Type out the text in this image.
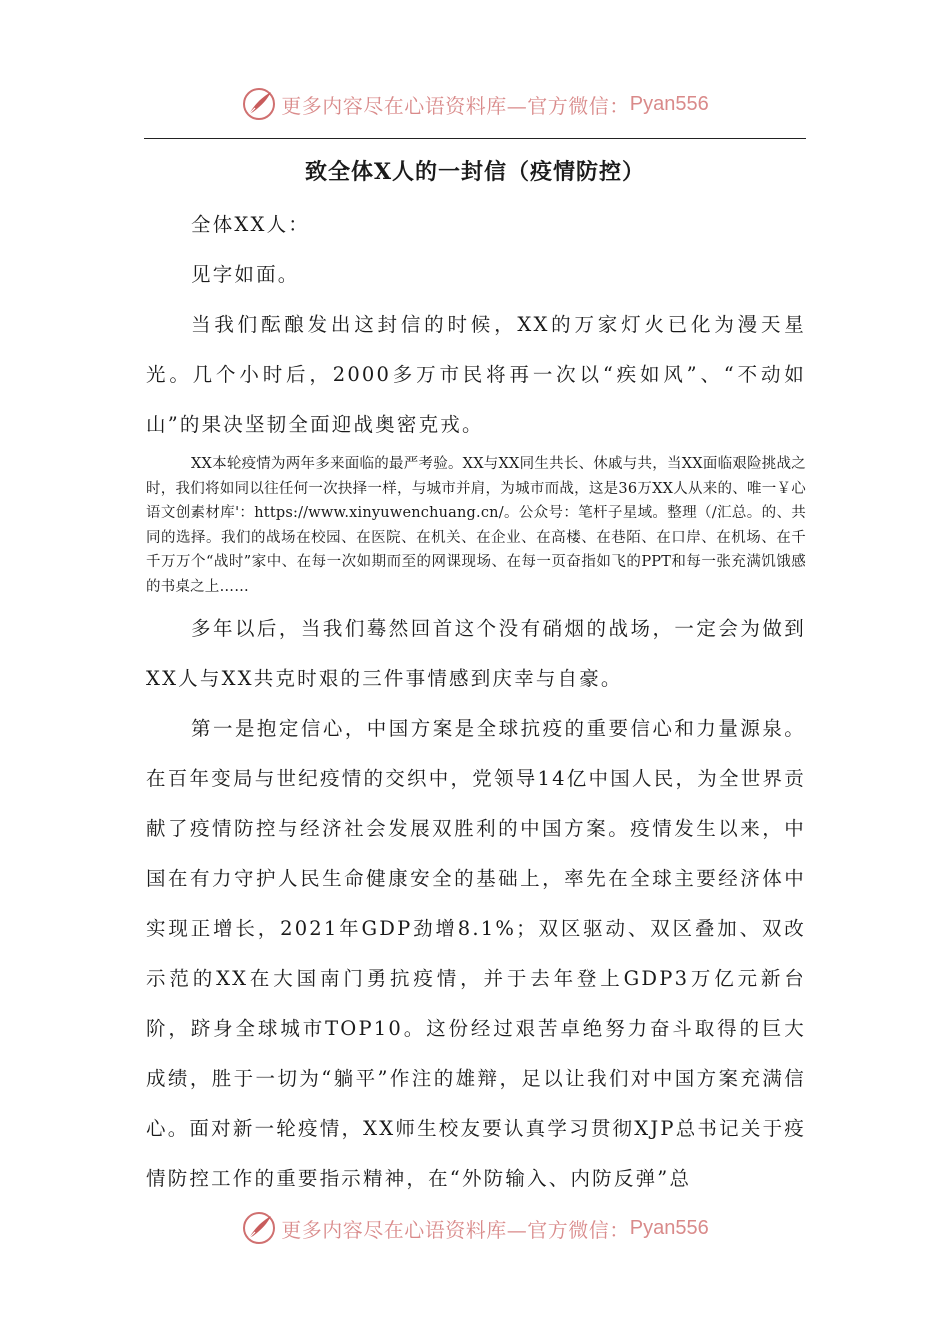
更多内容尽在心语资料库—官方微信： Pyan556
致全体X人的一封信（疫情防控）

全体XX人：

见字如面。

当我们酝酿发出这封信的时候，XX的万家灯火已化为漫天星光。几个小时后，2000多万市民将再一次以“疾如风”、“不动如山”的果决坚韧全面迎战奥密克戎。

XX本轮疫情为两年多来面临的最严考验。XX与XX同生共长、休戚与共，当XX面临艰险挑战之时，我们将如同以往任何一次抉择一样，与城市并肩，为城市而战，这是36万XX人从来的、唯一￥心语文创素材库'：https://www.xinyuwenchuang.cn/。公众号：笔杆子星域。整理（/汇总。的、共同的选择。我们的战场在校园、在医院、在机关、在企业、在高楼、在巷陌、在口岸、在机场、在千千万万个“战时”家中、在每一次如期而至的网课现场、在每一页奋指如飞的PPT和每一张充满饥饿感的书桌之上……

多年以后，当我们蓦然回首这个没有硝烟的战场，一定会为做到XX人与XX共克时艰的三件事情感到庆幸与自豪。

第一是抱定信心，中国方案是全球抗疫的重要信心和力量源泉。在百年变局与世纪疫情的交织中，党领导14亿中国人民，为全世界贡献了疫情防控与经济社会发展双胜利的中国方案。疫情发生以来，中国在有力守护人民生命健康安全的基础上，率先在全球主要经济体中实现正增长，2021年GDP劲增8.1%；双区驱动、双区叠加、双改示范的XX在大国南门勇抗疫情，并于去年登上GDP3万亿元新台阶，跻身全球城市TOP10。这份经过艰苦卓绝努力奋斗取得的巨大成绩，胜于一切为“躺平”作注的雄辩，足以让我们对中国方案充满信心。面对新一轮疫情，XX师生校友要认真学习贯彻XJP总书记关于疫情防控工作的重要指示精神，在“外防输入、内防反弹”总

更多内容尽在心语资料库—官方微信： Pyan556
